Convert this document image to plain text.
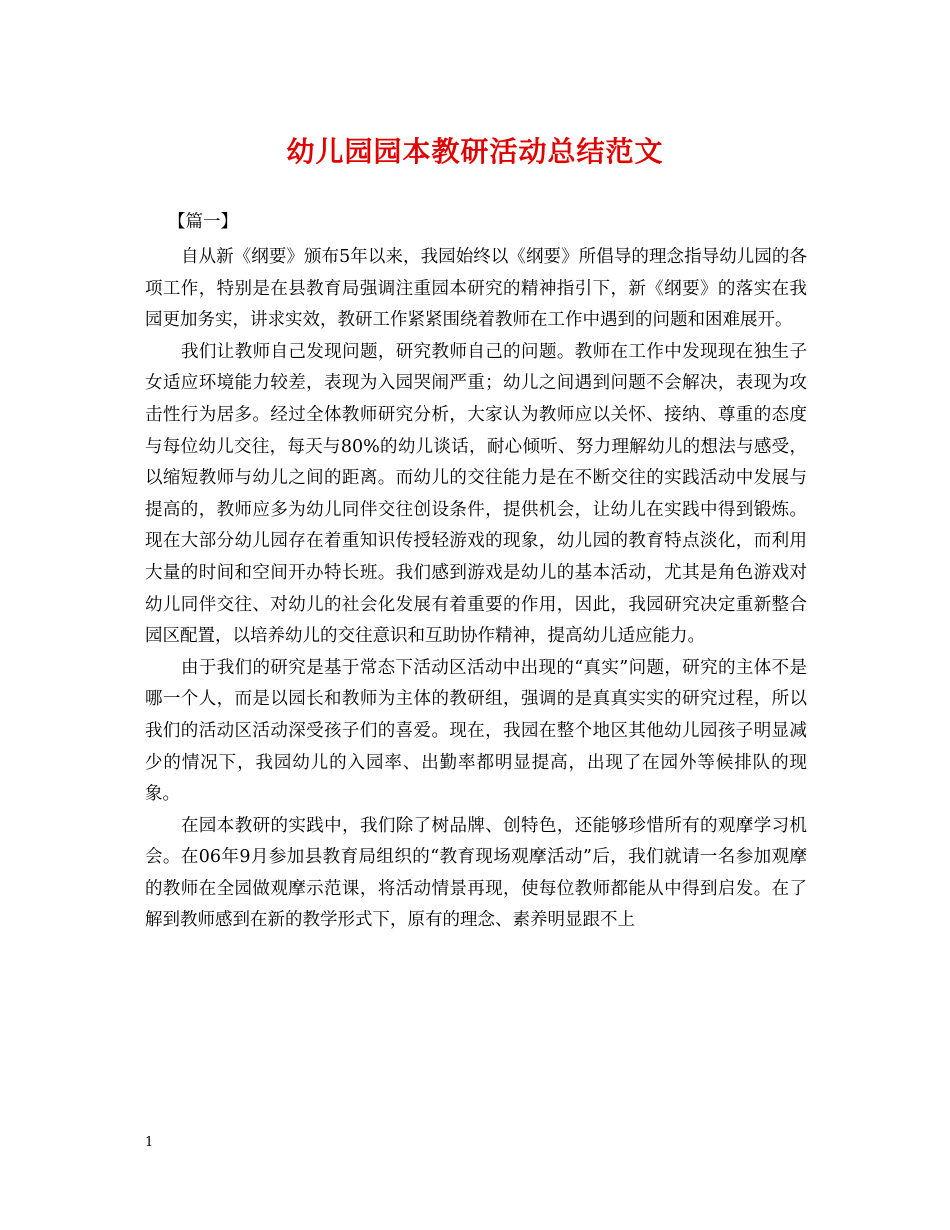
幼儿园园本教研活动总结范文
【篇一】

自从新《纲要》颁布5年以来，我园始终以《纲要》所倡导的理念指导幼儿园的各项工作，特别是在县教育局强调注重园本研究的精神指引下，新《纲要》的落实在我园更加务实，讲求实效，教研工作紧紧围绕着教师在工作中遇到的问题和困难展开。

我们让教师自己发现问题，研究教师自己的问题。教师在工作中发现现在独生子女适应环境能力较差，表现为入园哭闹严重；幼儿之间遇到问题不会解决，表现为攻击性行为居多。经过全体教师研究分析，大家认为教师应以关怀、接纳、尊重的态度与每位幼儿交往，每天与80%的幼儿谈话，耐心倾听、努力理解幼儿的想法与感受，以缩短教师与幼儿之间的距离。而幼儿的交往能力是在不断交往的实践活动中发展与提高的，教师应多为幼儿同伴交往创设条件，提供机会，让幼儿在实践中得到锻炼。现在大部分幼儿园存在着重知识传授轻游戏的现象，幼儿园的教育特点淡化，而利用大量的时间和空间开办特长班。我们感到游戏是幼儿的基本活动，尤其是角色游戏对幼儿同伴交往、对幼儿的社会化发展有着重要的作用，因此，我园研究决定重新整合园区配置，以培养幼儿的交往意识和互助协作精神，提高幼儿适应能力。

由于我们的研究是基于常态下活动区活动中出现的“真实”问题，研究的主体不是哪一个人，而是以园长和教师为主体的教研组，强调的是真真实实的研究过程，所以我们的活动区活动深受孩子们的喜爱。现在，我园在整个地区其他幼儿园孩子明显减少的情况下，我园幼儿的入园率、出勤率都明显提高，出现了在园外等候排队的现象。

在园本教研的实践中，我们除了树品牌、创特色，还能够珍惜所有的观摩学习机会。在06年9月参加县教育局组织的“教育现场观摩活动”后，我们就请一名参加观摩的教师在全园做观摩示范课，将活动情景再现，使每位教师都能从中得到启发。在了解到教师感到在新的教学形式下，原有的理念、素养明显跟不上

1
